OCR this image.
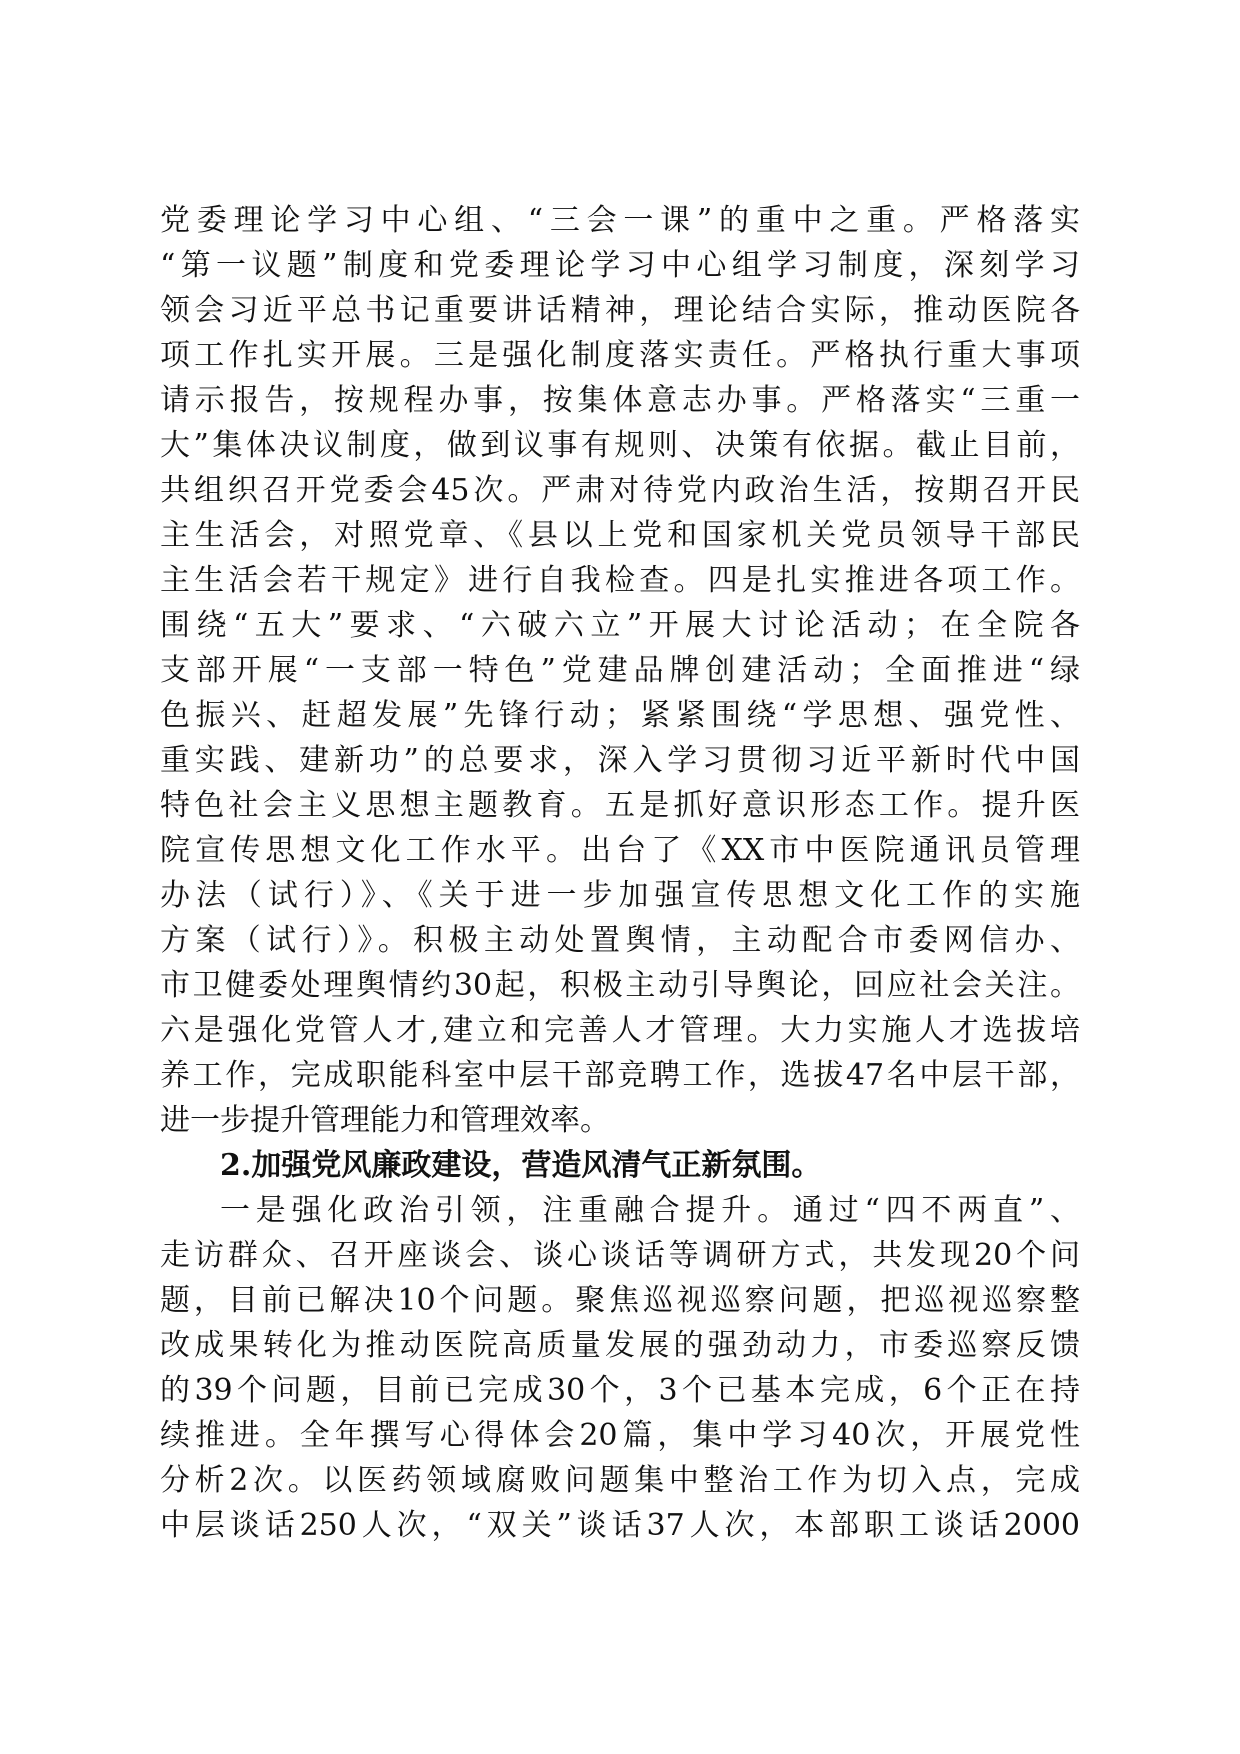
党委理论学习中心组、“三会一课”的重中之重。严格落实
“第一议题”制度和党委理论学习中心组学习制度，深刻学习
领会习近平总书记重要讲话精神，理论结合实际，推动医院各
项工作扎实开展。三是强化制度落实责任。严格执行重大事项
请示报告，按规程办事，按集体意志办事。严格落实“三重一
大”集体决议制度，做到议事有规则、决策有依据。截止目前，
共组织召开党委会45次。严肃对待党内政治生活，按期召开民
主生活会，对照党章、《县以上党和国家机关党员领导干部民
主生活会若干规定》进行自我检查。四是扎实推进各项工作。
围绕“五大”要求、“六破六立”开展大讨论活动；在全院各
支部开展“一支部一特色”党建品牌创建活动；全面推进“绿
色振兴、赶超发展”先锋行动；紧紧围绕“学思想、强党性、
重实践、建新功”的总要求，深入学习贯彻习近平新时代中国
特色社会主义思想主题教育。五是抓好意识形态工作。提升医
院宣传思想文化工作水平。出台了《XX市中医院通讯员管理
办法（试行）》、《关于进一步加强宣传思想文化工作的实施
方案（试行）》。积极主动处置舆情，主动配合市委网信办、
市卫健委处理舆情约30起，积极主动引导舆论，回应社会关注。
六是强化党管人才,建立和完善人才管理。大力实施人才选拔培
养工作，完成职能科室中层干部竞聘工作，选拔47名中层干部，
进一步提升管理能力和管理效率。
2.加强党风廉政建设，营造风清气正新氛围。
一是强化政治引领，注重融合提升。通过“四不两直”、
走访群众、召开座谈会、谈心谈话等调研方式，共发现20个问
题，目前已解决10个问题。聚焦巡视巡察问题，把巡视巡察整
改成果转化为推动医院高质量发展的强劲动力，市委巡察反馈
的39个问题，目前已完成30个，3个已基本完成，6个正在持
续推进。全年撰写心得体会20篇，集中学习40次，开展党性
分析2次。以医药领域腐败问题集中整治工作为切入点，完成
中层谈话250人次，“双关”谈话37人次，本部职工谈话2000
